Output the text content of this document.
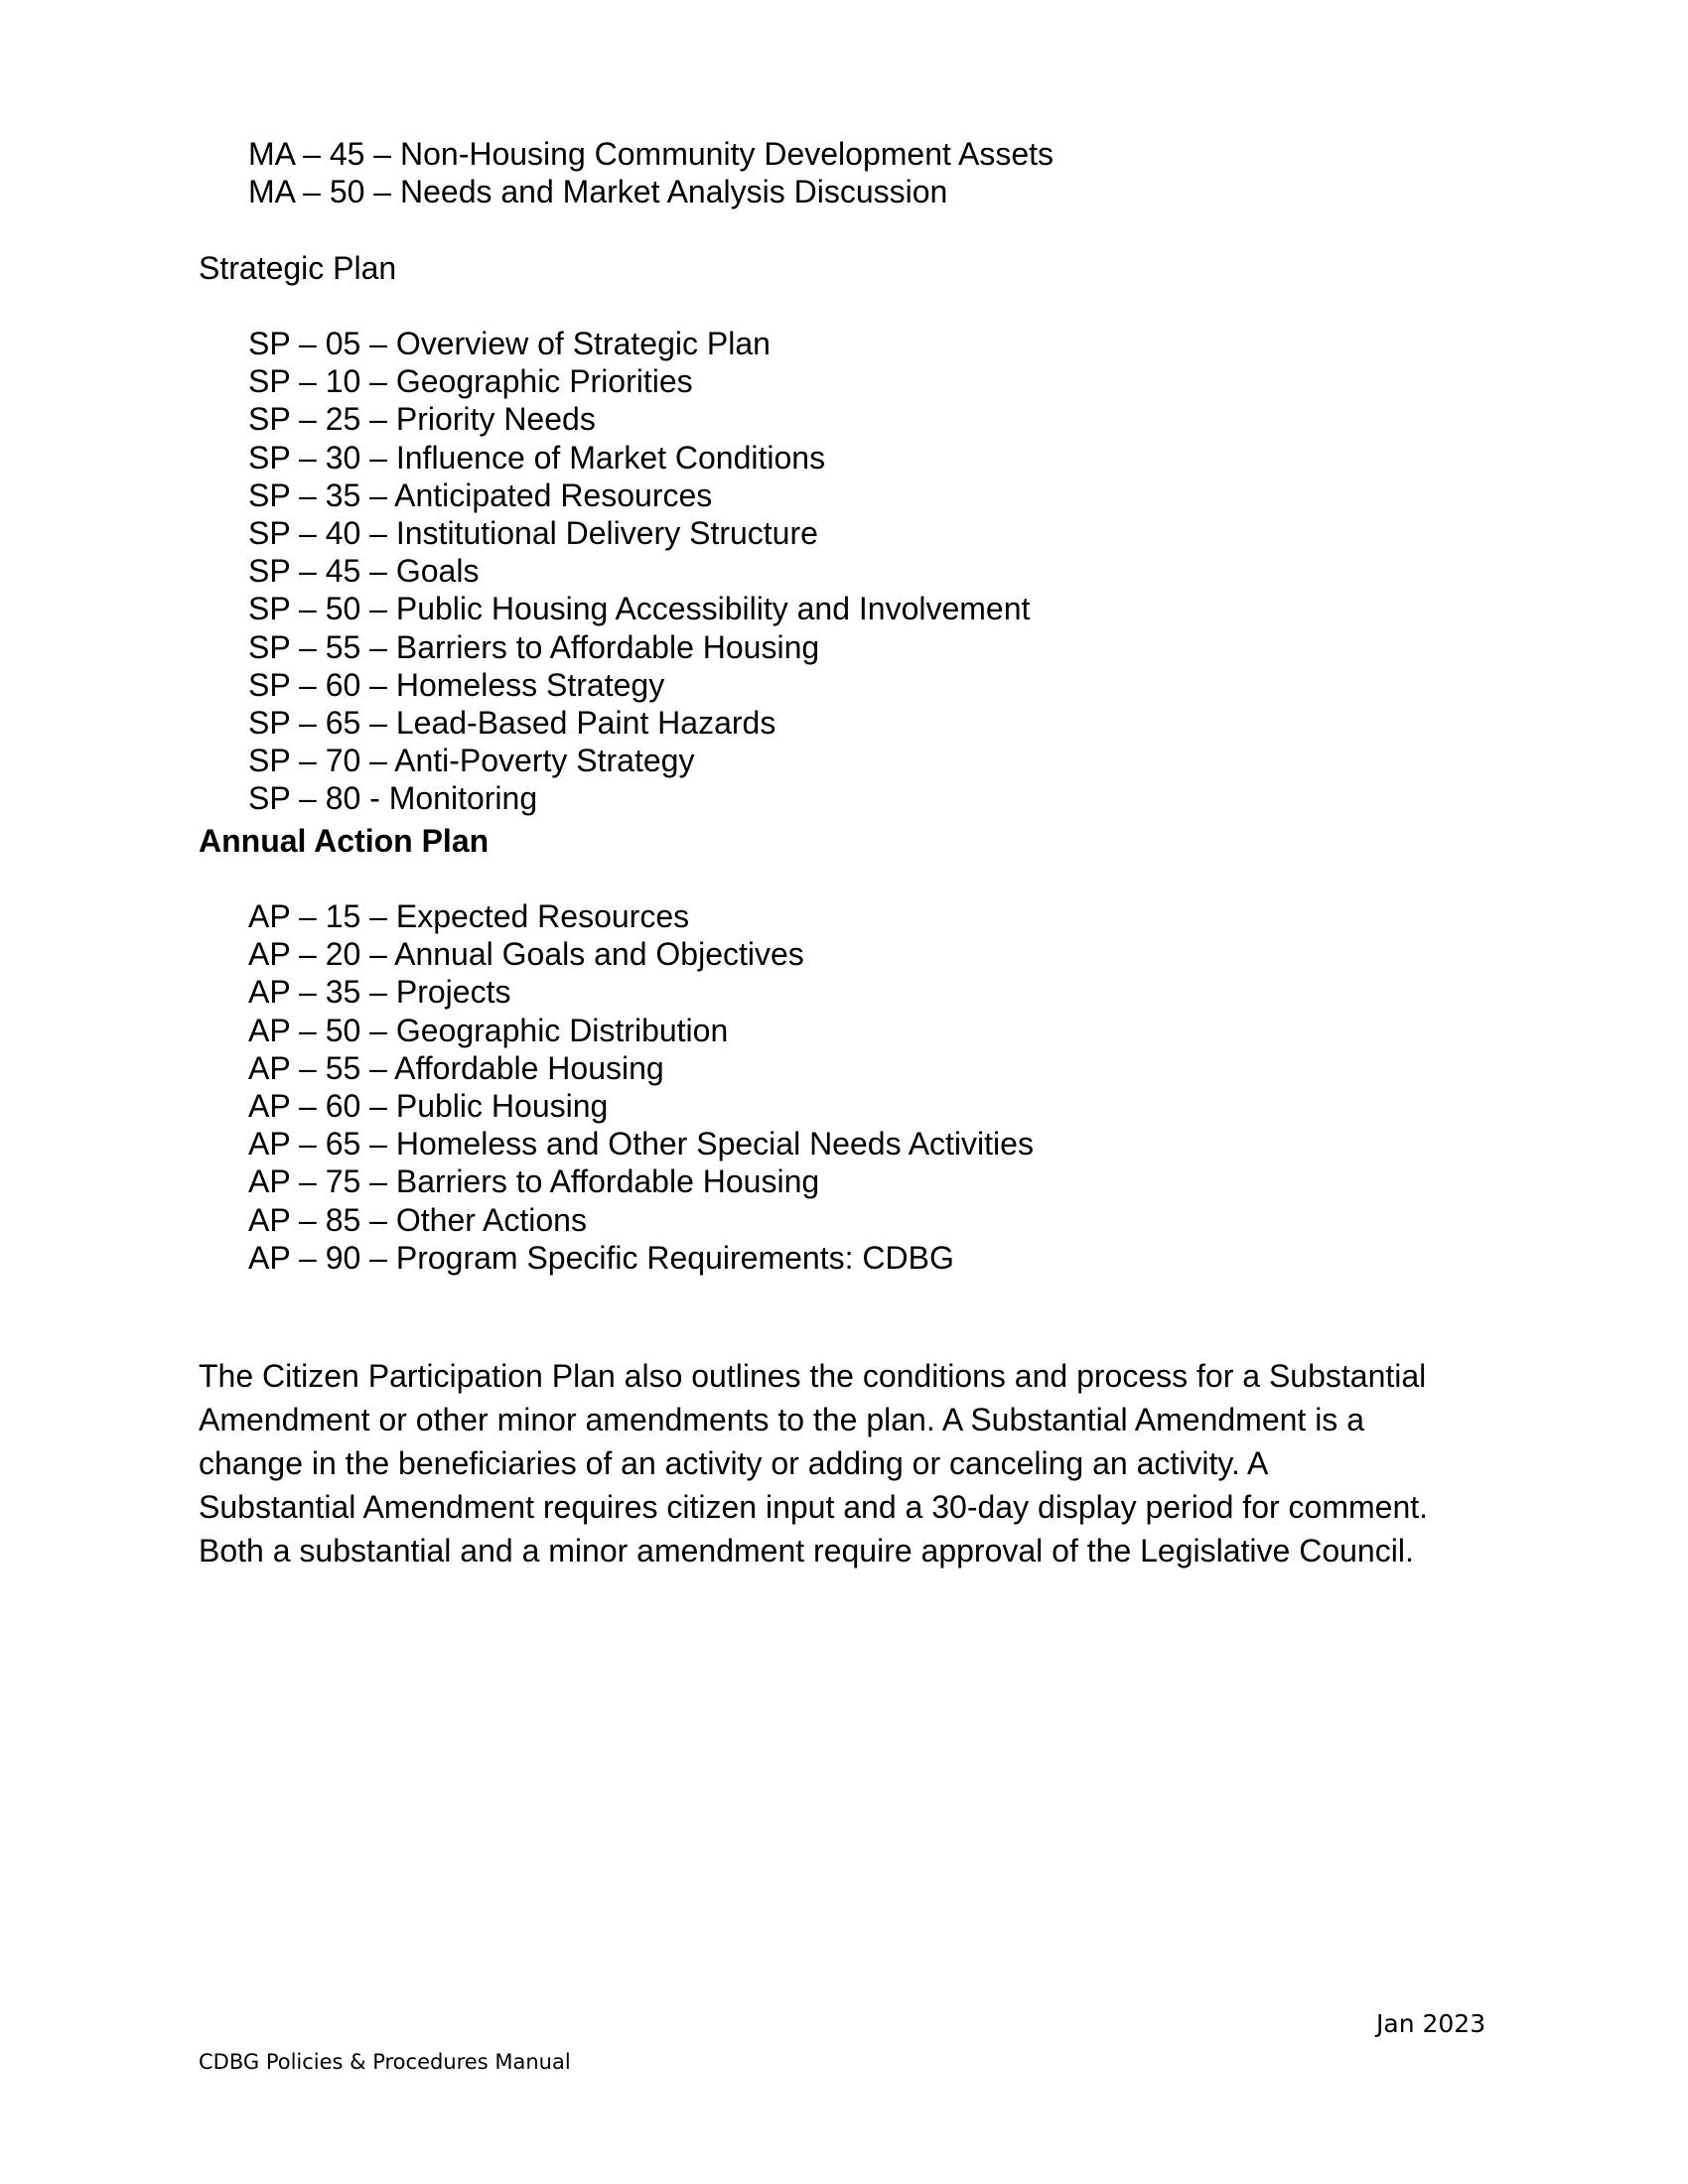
MA – 45 – Non-Housing Community Development Assets
MA – 50 – Needs and Market Analysis Discussion
Strategic Plan
SP – 05 – Overview of Strategic Plan
SP – 10 – Geographic Priorities
SP – 25 – Priority Needs
SP – 30 – Influence of Market Conditions
SP – 35 – Anticipated Resources
SP – 40 – Institutional Delivery Structure
SP – 45 – Goals
SP – 50 – Public Housing Accessibility and Involvement
SP – 55 – Barriers to Affordable Housing
SP – 60 – Homeless Strategy
SP – 65 – Lead-Based Paint Hazards
SP – 70 – Anti-Poverty Strategy
SP – 80 - Monitoring
Annual Action Plan
AP – 15 – Expected Resources
AP – 20 – Annual Goals and Objectives
AP – 35 – Projects
AP – 50 – Geographic Distribution
AP – 55 – Affordable Housing
AP – 60 – Public Housing
AP – 65 – Homeless and Other Special Needs Activities
AP – 75 – Barriers to Affordable Housing
AP – 85 – Other Actions
AP – 90 – Program Specific Requirements: CDBG

The Citizen Participation Plan also outlines the conditions and process for a Substantial
Amendment or other minor amendments to the plan. A Substantial Amendment is a
change in the beneficiaries of an activity or adding or canceling an activity. A
Substantial Amendment requires citizen input and a 30-day display period for comment.
Both a substantial and a minor amendment require approval of the Legislative Council.

Jan 2023
CDBG Policies & Procedures Manual
